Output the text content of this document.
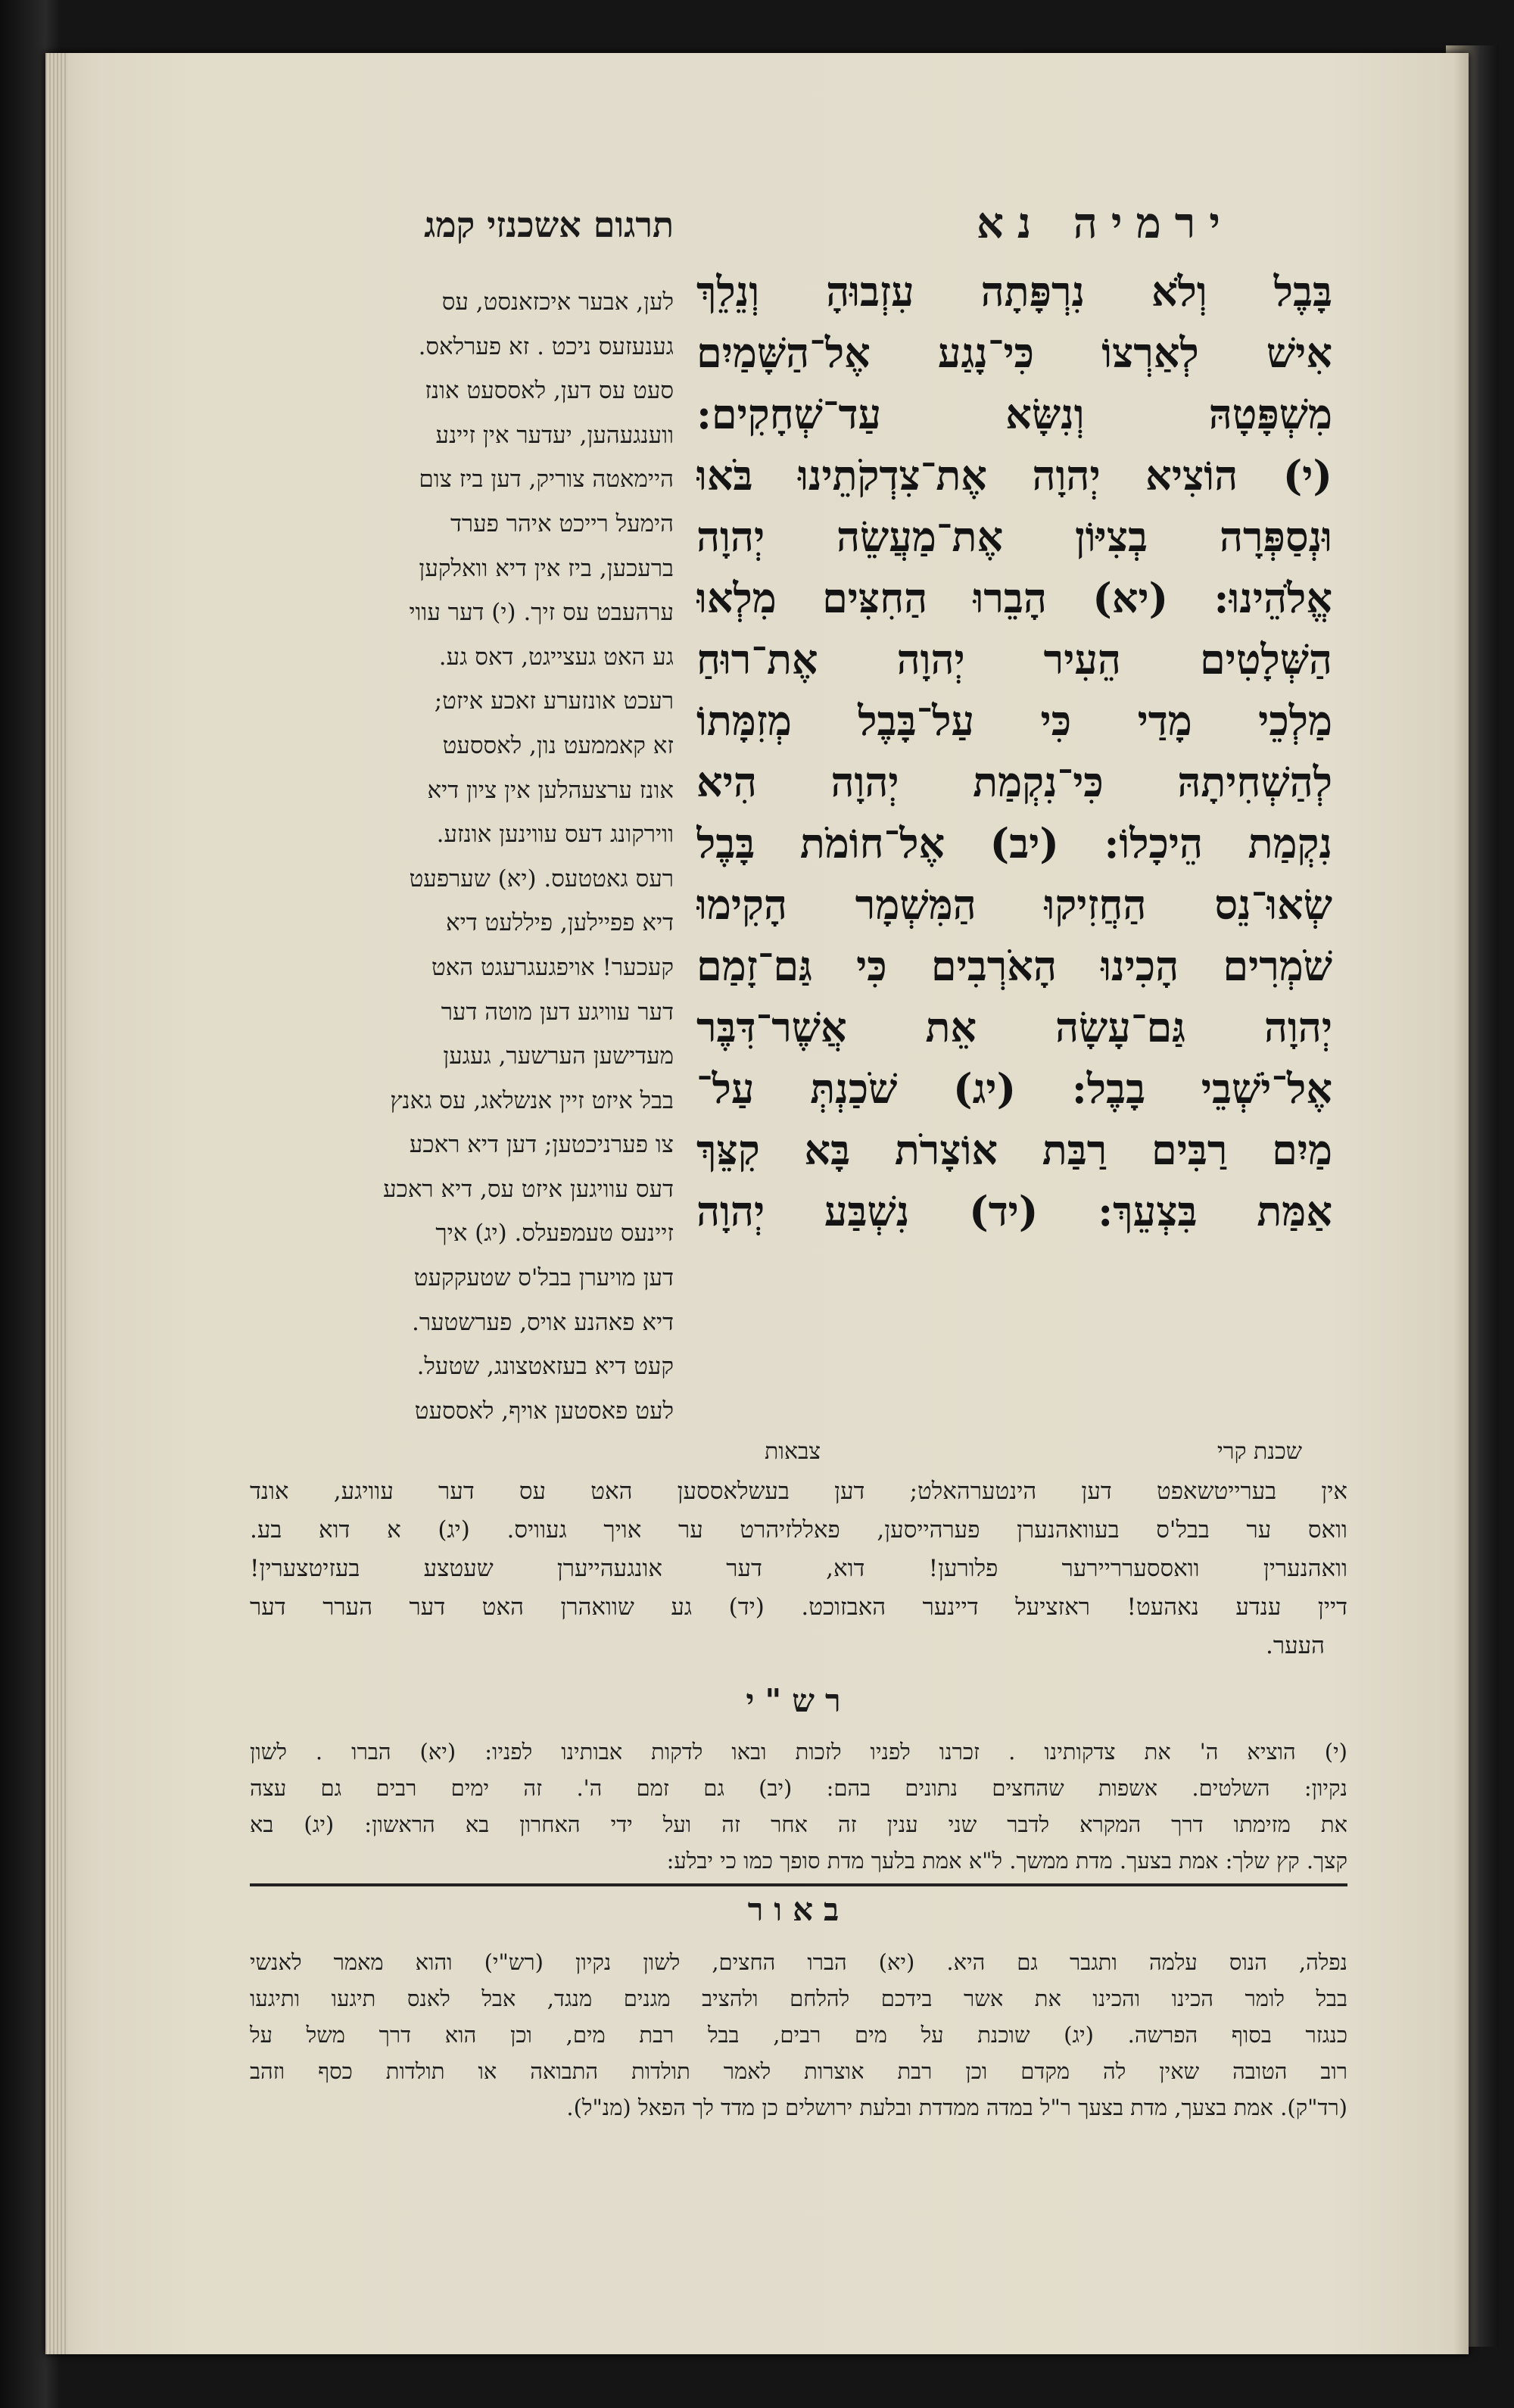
תרגום אשכנזי קמג	ירמיה נא
לען, אבער איכזאנסט, עס
גענעזעס ניכט . זא פערלאס.
סעט עס דען, לאססעט אונז
ווענגעהען, יעדער אין זיינע
היימאטה צוריק, דען ביז צום
הימעל רייכט איהר פערד
ברעכען, ביז אין דיא וואלקען
ערהעבט עס זיך. (י) דער עווי
גע האט געצייגט, דאס גע.
רעכט אונזערע זאכע איזט;
זא קאממעט נון, לאססעט
אונז ערצעהלען אין ציון דיא
ווירקונג דעס עווינען אונזע.
רעס גאטטעס. (יא) שערפעט
דיא פפיילען, פיללעט דיא
קעכער! אויפגעגרעגט האט
דער עוויגע דען מוטה דער
מעדישען הערשער, געגען
בבל איזט זיין אנשלאג, עס גאנץ
צו פערניכטען; דען דיא ראכע
דעס עוויגען איזט עס, דיא ראכע
זיינעס טעמפעלס. (יג) איך
דען מויערן בבל'ס שטעקקעט
דיא פאהנע אויס, פערשטער.
קעט דיא בעזאטצונג, שטעל.
לעט פאסטען אויף, לאססעט
בָּבֶל וְלֹא נִרְפָּתָה עִזְבוּהָ וְנֵלֵךְ
אִישׁ לְאַרְצוֹ כִּי־נָגַע אֶל־הַשָּׁמַיִם
מִשְׁפָּטָהּ וְנִשָּׂא עַד־שְׁחָקִים:
(י) הוֹצִיא יְהוָה אֶת־צִדְקֹתֵינוּ בֹּאוּ
וּנְסַפְּרָה בְצִיּוֹן אֶת־מַעֲשֵׂה יְהוָה
אֱלֹהֵינוּ: (יא) הָבֵרוּ הַחִצִּים מִלְאוּ
הַשְּׁלָטִים הֵעִיר יְהוָה אֶת־רוּחַ
מַלְכֵי מָדַי כִּי עַל־בָּבֶל מְזִמָּתוֹ
לְהַשְׁחִיתָהּ כִּי־נִקְמַת יְהוָה הִיא
נִקְמַת הֵיכָלוֹ: (יב) אֶל־חוֹמֹת בָּבֶל
שְׂאוּ־נֵס הַחֲזִיקוּ הַמִּשְׁמָר הָקִימוּ
שֹׁמְרִים הָכִינוּ הָאֹרְבִים כִּי גַּם־זָמַם
יְהוָה גַּם־עָשָׂה אֵת אֲשֶׁר־דִּבֶּר
אֶל־יֹשְׁבֵי בָבֶל: (יג) שֹׁכַנְתְּ עַל־
מַיִם רַבִּים רַבַּת אוֹצָרֹת בָּא קִצֵּךְ
אַמַּת בִּצְעֵךְ: (יד) נִשְׁבַּע יְהוָה
שכנת קרי
צבאות
אין בערייטשאפט דען הינטערהאלט; דען בעשלאססען האט עס דער עוויגע, אונד
וואס ער בבל'ס בעוואהנערן פערהייסען, פאללזיהרט ער אויך געוויס. (יג) א דוא בע.
וואהנערין וואססערריירער פלורען! דוא, דער אונגעהייערן שעטצע בעזיטצערין!
דיין ענדע נאהעט! ראזציעל דיינער האבזוכט. (יד) גע שוואהרן האט דער הערר דער
העער.
רש"י
(י) הוציא ה' את צדקותינו . זכרנו לפניו לזכות ובאו לדקות אבותינו לפניו: (יא) הברו . לשון
נקיון: השלטים. אשפות שהחצים נתונים בהם: (יב) גם זמם ה'. זה ימים רבים גם עצה
את מזימתו דרך המקרא לדבר שני ענין זה אחר זה ועל ידי האחרון בא הראשון: (יג) בא
קצך. קץ שלך: אמת בצעך. מדת ממשך. ל"א אמת בלעך מדת סופך כמו כי יבלע:
באור
נפלה, הנוס עלמה ותגבר גם היא. (יא) הברו החצים, לשון נקיון (רש"י) והוא מאמר לאנשי
בבל לומר הכינו והכינו את אשר בידכם להלחם ולהציב מגנים מנגד, אבל לאנס תיגעו ותיגעו
כנגזר בסוף הפרשה. (יג) שוכנת על מים רבים, בבל רבת מים, וכן הוא דרך משל על
רוב הטובה שאין לה מקדם וכן רבת אוצרות לאמר תולדות התבואה או תולדות כסף וזהב
(רד"ק). אמת בצעך, מדת בצעך ר"ל במדה ממדדת ובלעת ירושלים כן מדד לך הפאל (מנ"ל).
